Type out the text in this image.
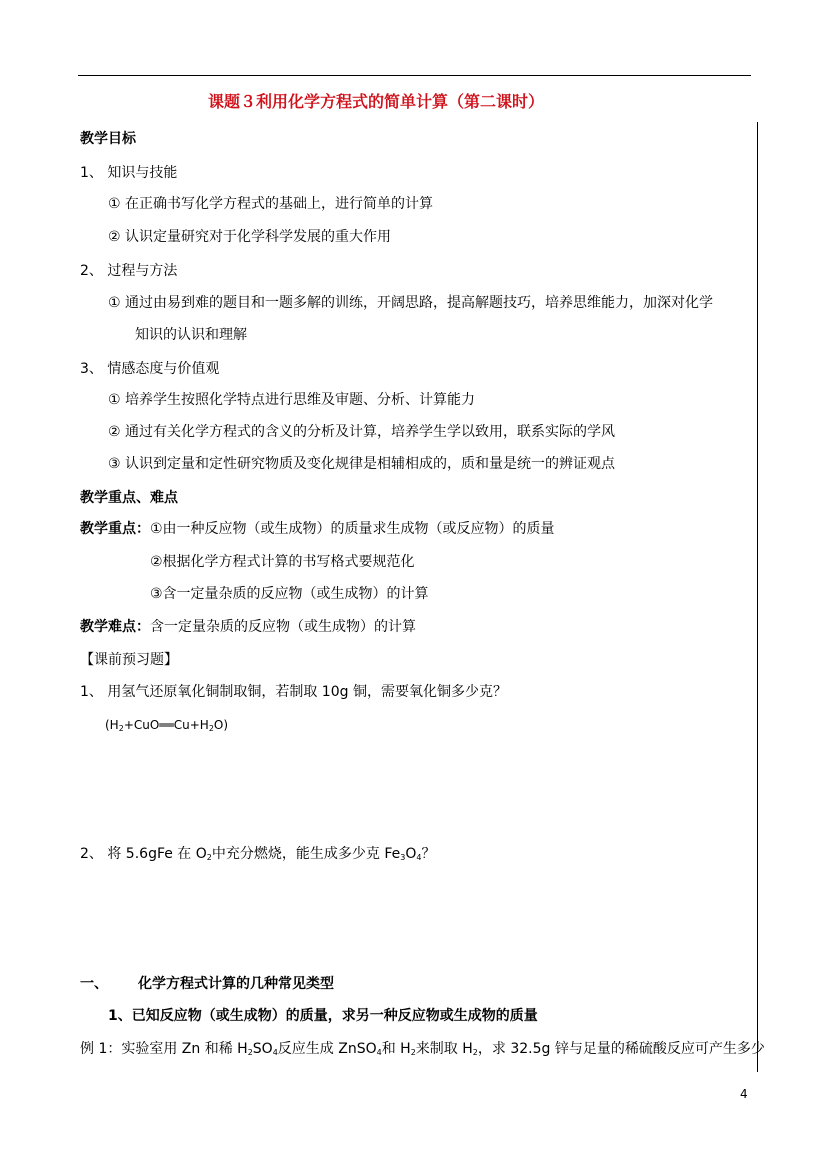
课题３利用化学方程式的简单计算（第二课时）
教学目标
1、 知识与技能
① 在正确书写化学方程式的基础上，进行简单的计算
② 认识定量研究对于化学科学发展的重大作用
2、 过程与方法
① 通过由易到难的题目和一题多解的训练，开阔思路，提高解题技巧，培养思维能力，加深对化学
知识的认识和理解
3、 情感态度与价值观
① 培养学生按照化学特点进行思维及审题、分析、计算能力
② 通过有关化学方程式的含义的分析及计算，培养学生学以致用，联系实际的学风
③ 认识到定量和定性研究物质及变化规律是相辅相成的，质和量是统一的辨证观点
教学重点、难点
教学重点：①由一种反应物（或生成物）的质量求生成物（或反应物）的质量
②根据化学方程式计算的书写格式要规范化
③含一定量杂质的反应物（或生成物）的计算
教学难点：含一定量杂质的反应物（或生成物）的计算
【课前预习题】
1、 用氢气还原氧化铜制取铜，若制取 10g 铜，需要氧化铜多少克？
$(H_2+CuO══Cu+H_2O)$
2、 将 5.6gFe 在 $O_2$中充分燃烧，能生成多少克 $Fe_3O_4$？
一、 化学方程式计算的几种常见类型
1、已知反应物（或生成物）的质量，求另一种反应物或生成物的质量
例 1：实验室用 Zn 和稀 $H_2SO_4$反应生成 ZnSO$_4$和 $H_2$来制取 $H_2$，求 32.5g 锌与足量的稀硫酸反应可产生多少
4
